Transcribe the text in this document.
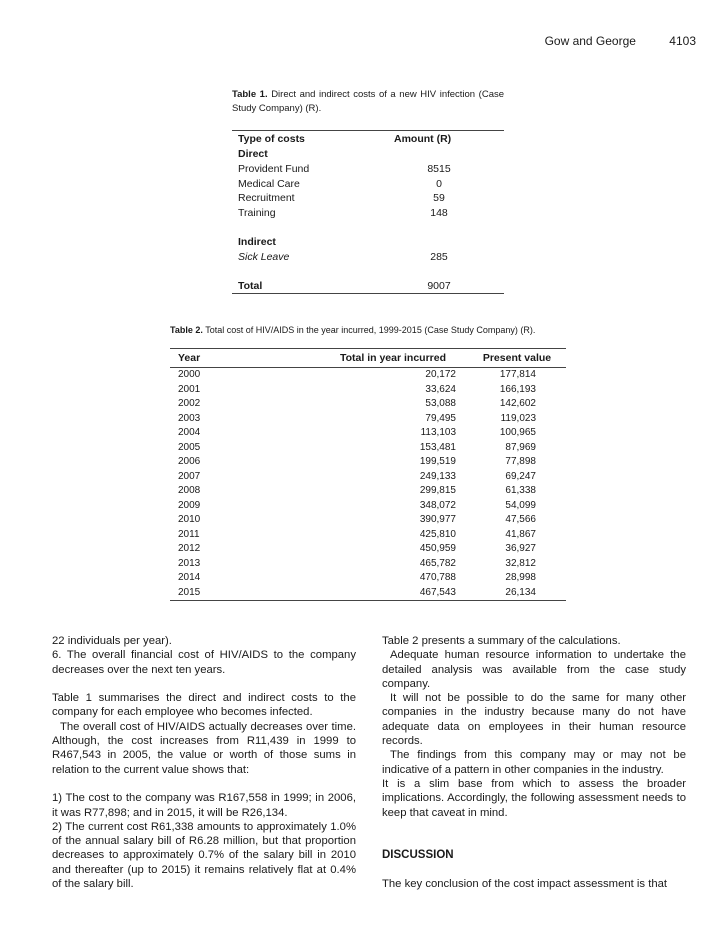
Gow and George	4103
Table 1. Direct and indirect costs of a new HIV infection (Case Study Company) (R).
Type of costs	Amount (R)
Direct	
Provident Fund	8515
Medical Care	0
Recruitment	59
Training	148

Indirect	
Sick Leave	285

Total	9007
Table 2. Total cost of HIV/AIDS in the year incurred, 1999-2015 (Case Study Company) (R).
Year	Total in year incurred	Present value
2000	20,172	177,814
2001	33,624	166,193
2002	53,088	142,602
2003	79,495	119,023
2004	113,103	100,965
2005	153,481	87,969
2006	199,519	77,898
2007	249,133	69,247
2008	299,815	61,338
2009	348,072	54,099
2010	390,977	47,566
2011	425,810	41,867
2012	450,959	36,927
2013	465,782	32,812
2014	470,788	28,998
2015	467,543	26,134

22 individuals per year).

6. The overall financial cost of HIV/AIDS to the company decreases over the next ten years.

Table 1 summarises the direct and indirect costs to the company for each employee who becomes infected.

The overall cost of HIV/AIDS actually decreases over time. Although, the cost increases from R11,439 in 1999 to R467,543 in 2005, the value or worth of those sums in relation to the current value shows that:

1) The cost to the company was R167,558 in 1999; in 2006, it was R77,898; and in 2015, it will be R26,134.

2) The current cost R61,338 amounts to approximately 1.0% of the annual salary bill of R6.28 million, but that proportion decreases to approximately 0.7% of the salary bill in 2010 and thereafter (up to 2015) it remains relatively flat at 0.4% of the salary bill.

Table 2 presents a summary of the calculations.

Adequate human resource information to undertake the detailed analysis was available from the case study company.

It will not be possible to do the same for many other companies in the industry because many do not have adequate data on employees in their human resource records.

The findings from this company may or may not be indicative of a pattern in other companies in the industry.

It is a slim base from which to assess the broader implications. Accordingly, the following assessment needs to keep that caveat in mind.

DISCUSSION

The key conclusion of the cost impact assessment is that
